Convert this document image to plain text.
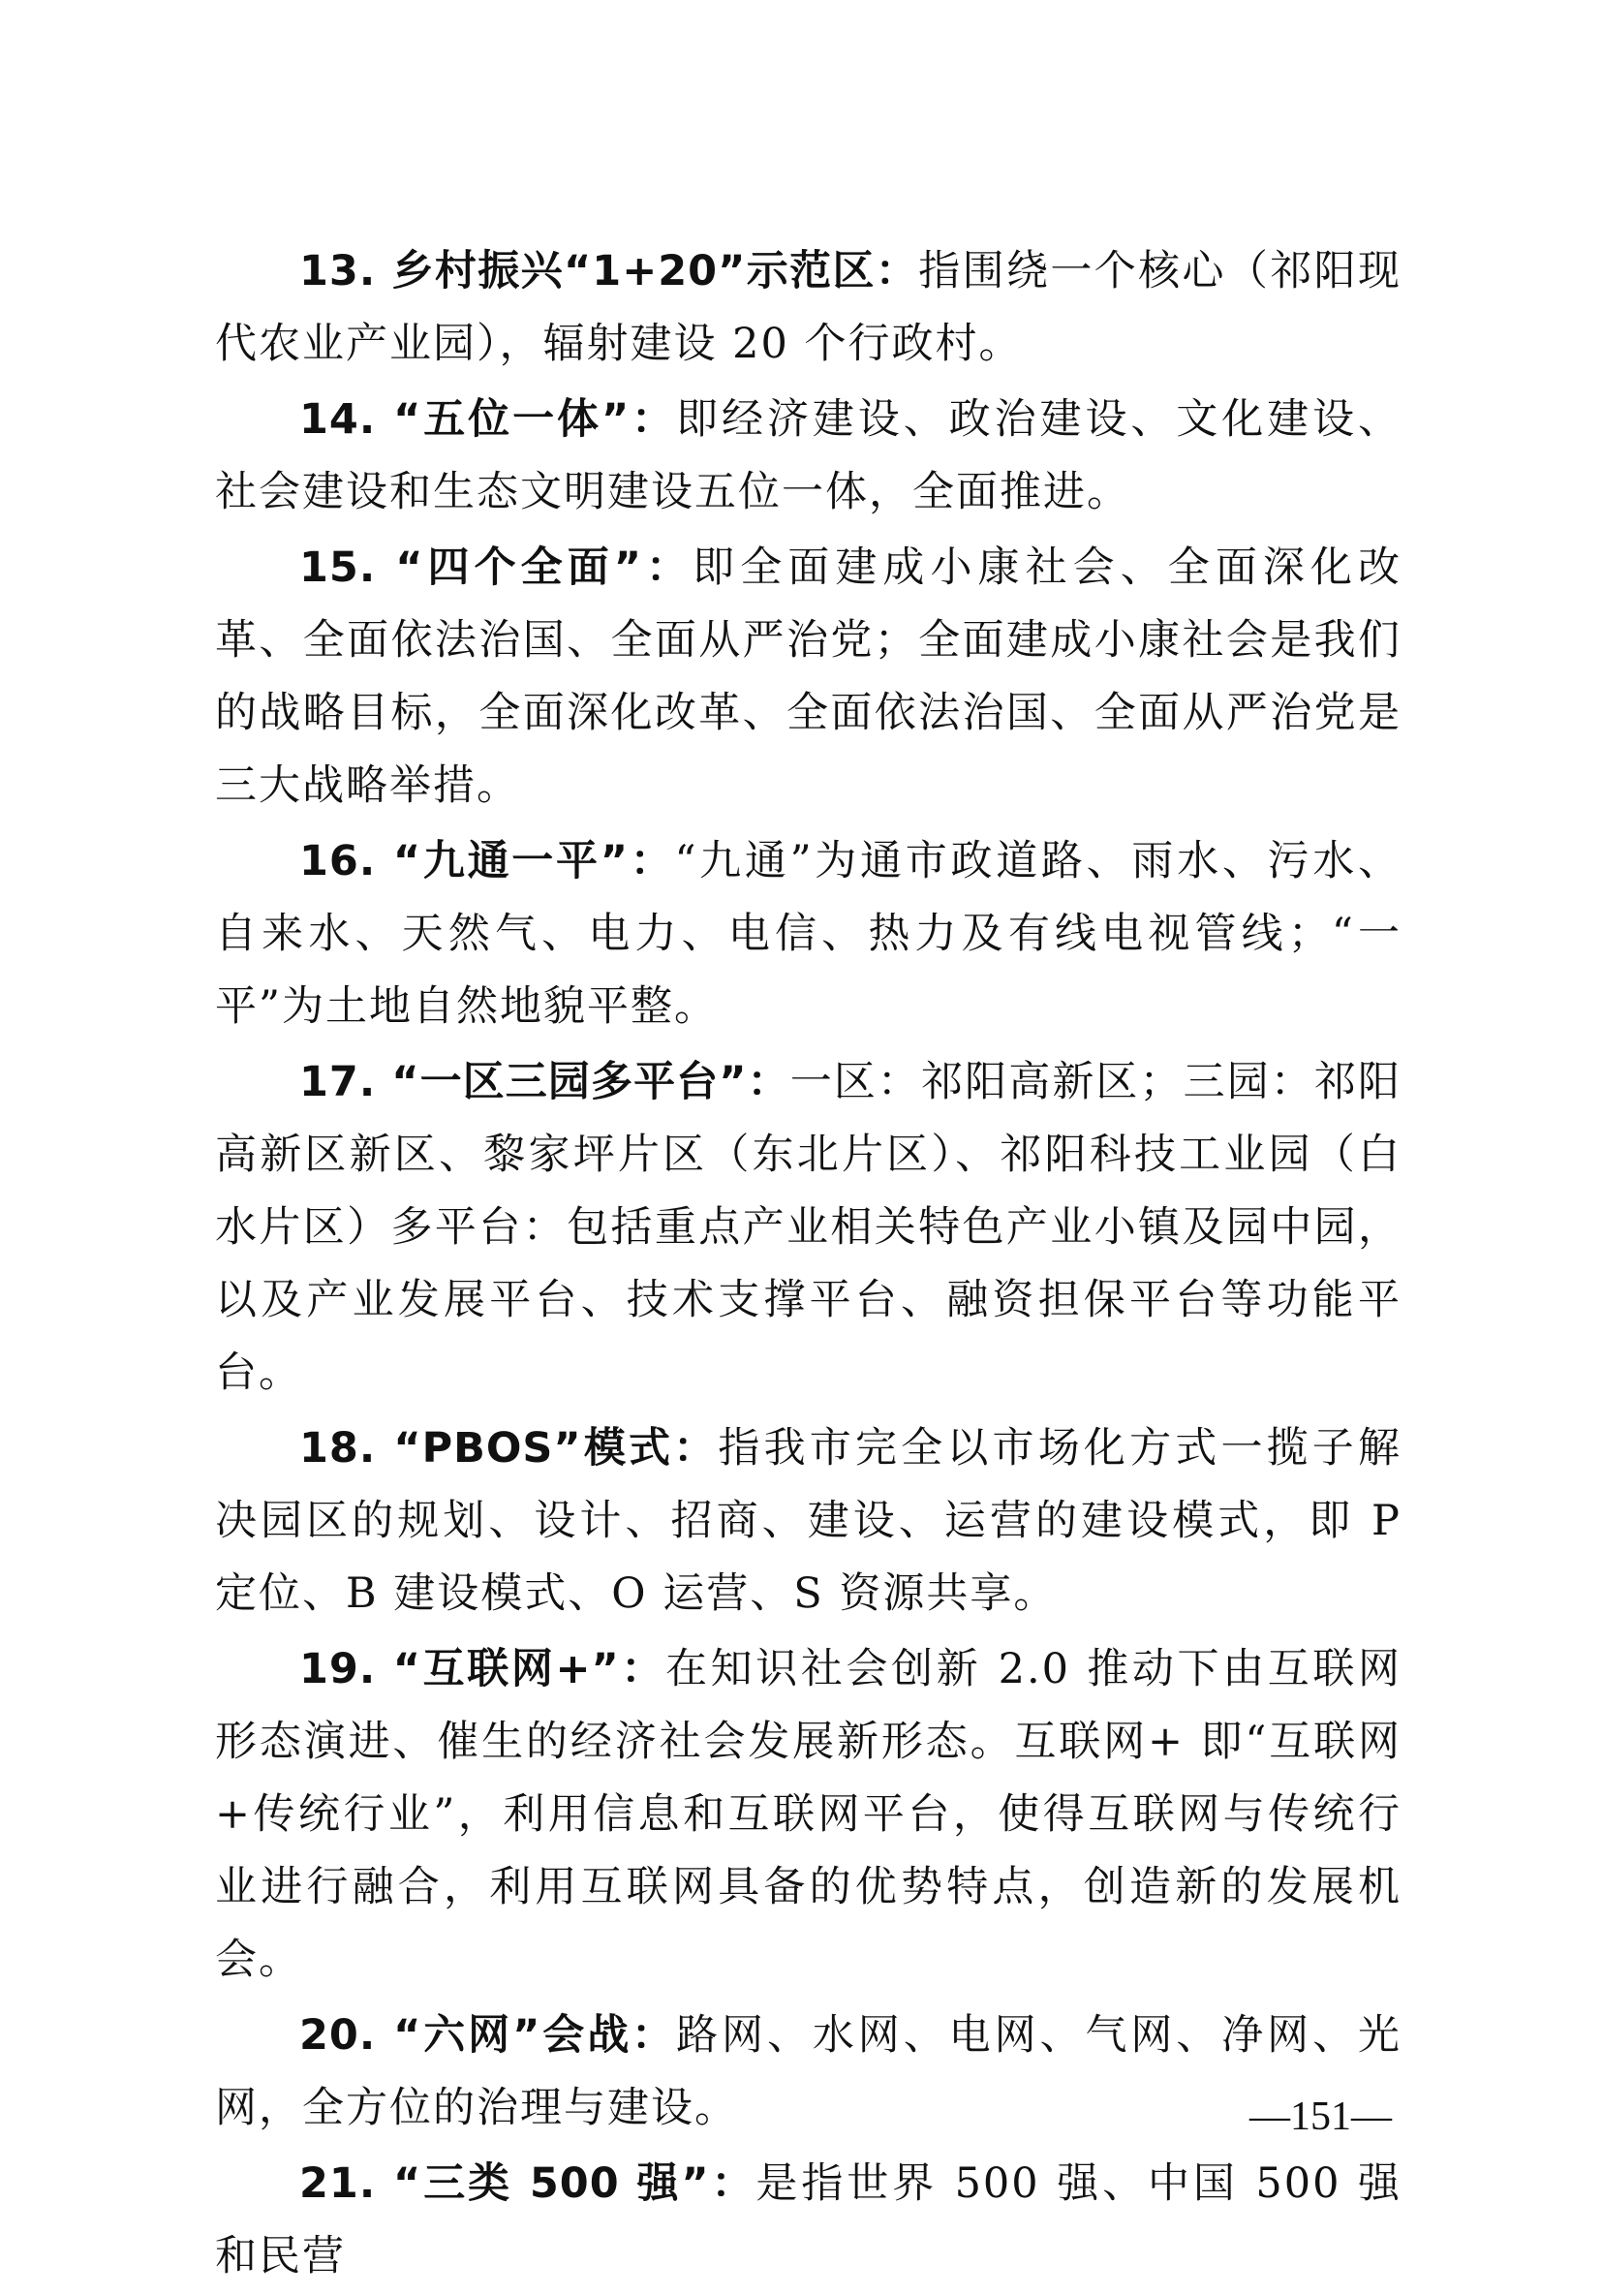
13. 乡村振兴“1+20”示范区：指围绕一个核心（祁阳现代农业产业园），辐射建设 20 个行政村。

14. “五位一体”：即经济建设、政治建设、文化建设、社会建设和生态文明建设五位一体，全面推进。

15. “四个全面”：即全面建成小康社会、全面深化改革、全面依法治国、全面从严治党；全面建成小康社会是我们的战略目标，全面深化改革、全面依法治国、全面从严治党是三大战略举措。

16. “九通一平”：“九通”为通市政道路、雨水、污水、自来水、天然气、电力、电信、热力及有线电视管线；“一平”为土地自然地貌平整。

17. “一区三园多平台”：一区：祁阳高新区；三园：祁阳高新区新区、黎家坪片区（东北片区）、祁阳科技工业园（白水片区）多平台：包括重点产业相关特色产业小镇及园中园，以及产业发展平台、技术支撑平台、融资担保平台等功能平台。

18. “PBOS”模式：指我市完全以市场化方式一揽子解决园区的规划、设计、招商、建设、运营的建设模式，即 P 定位、B 建设模式、O 运营、S 资源共享。

19. “互联网+”：在知识社会创新 2.0 推动下由互联网形态演进、催生的经济社会发展新形态。互联网+ 即“互联网+传统行业”，利用信息和互联网平台，使得互联网与传统行业进行融合，利用互联网具备的优势特点，创造新的发展机会。

20. “六网”会战：路网、水网、电网、气网、净网、光网，全方位的治理与建设。

21. “三类 500 强”：是指世界 500 强、中国 500 强和民营

—151—
